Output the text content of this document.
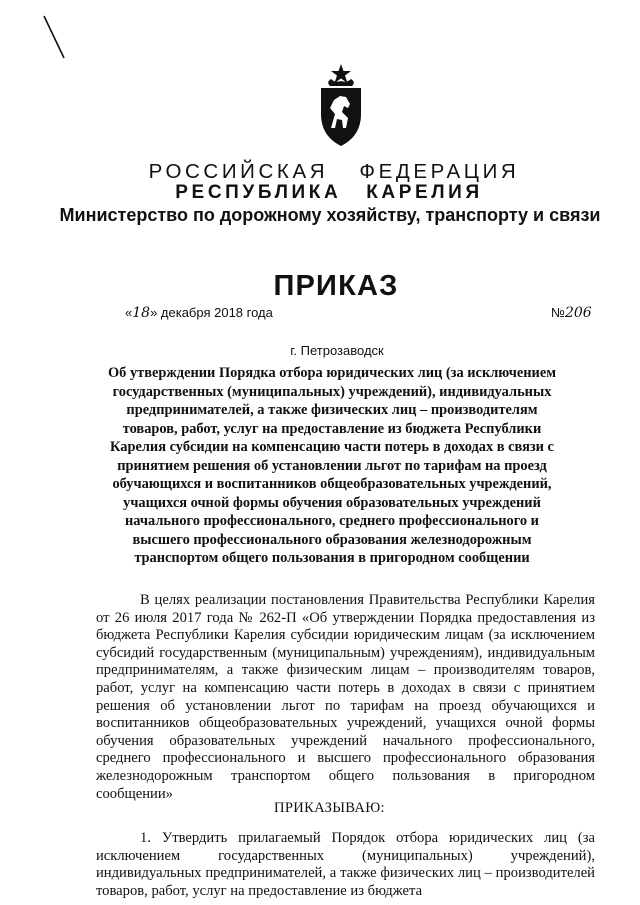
РОССИЙСКАЯ ФЕДЕРАЦИЯ
РЕСПУБЛИКА КАРЕЛИЯ
Министерство по дорожному хозяйству, транспорту и связи
ПРИКАЗ
«18» декабря 2018 года	№206
г. Петрозаводск
Об утверждении Порядка отбора юридических лиц (за исключением государственных (муниципальных) учреждений), индивидуальных предпринимателей, а также физических лиц – производителям товаров, работ, услуг на предоставление из бюджета Республики Карелия субсидии на компенсацию части потерь в доходах в связи с принятием решения об установлении льгот по тарифам на проезд обучающихся и воспитанников общеобразовательных учреждений, учащихся очной формы обучения образовательных учреждений начального профессионального, среднего профессионального и высшего профессионального образования железнодорожным транспортом общего пользования в пригородном сообщении

В целях реализации постановления Правительства Республики Карелия от 26 июля 2017 года № 262-П «Об утверждении Порядка предоставления из бюджета Республики Карелия субсидии юридическим лицам (за исключением субсидий государственным (муниципальным) учреждениям), индивидуальным предпринимателям, а также физическим лицам – производителям товаров, работ, услуг на компенсацию части потерь в доходах в связи с принятием решения об установлении льгот по тарифам на проезд обучающихся и воспитанников общеобразовательных учреждений, учащихся очной формы обучения образовательных учреждений начального профессионального, среднего профессионального и высшего профессионального образования железнодорожным транспортом общего пользования в пригородном сообщении»

ПРИКАЗЫВАЮ:

1. Утвердить прилагаемый Порядок отбора юридических лиц (за исключением государственных (муниципальных) учреждений), индивидуальных предпринимателей, а также физических лиц – производителей товаров, работ, услуг на предоставление из бюджета
